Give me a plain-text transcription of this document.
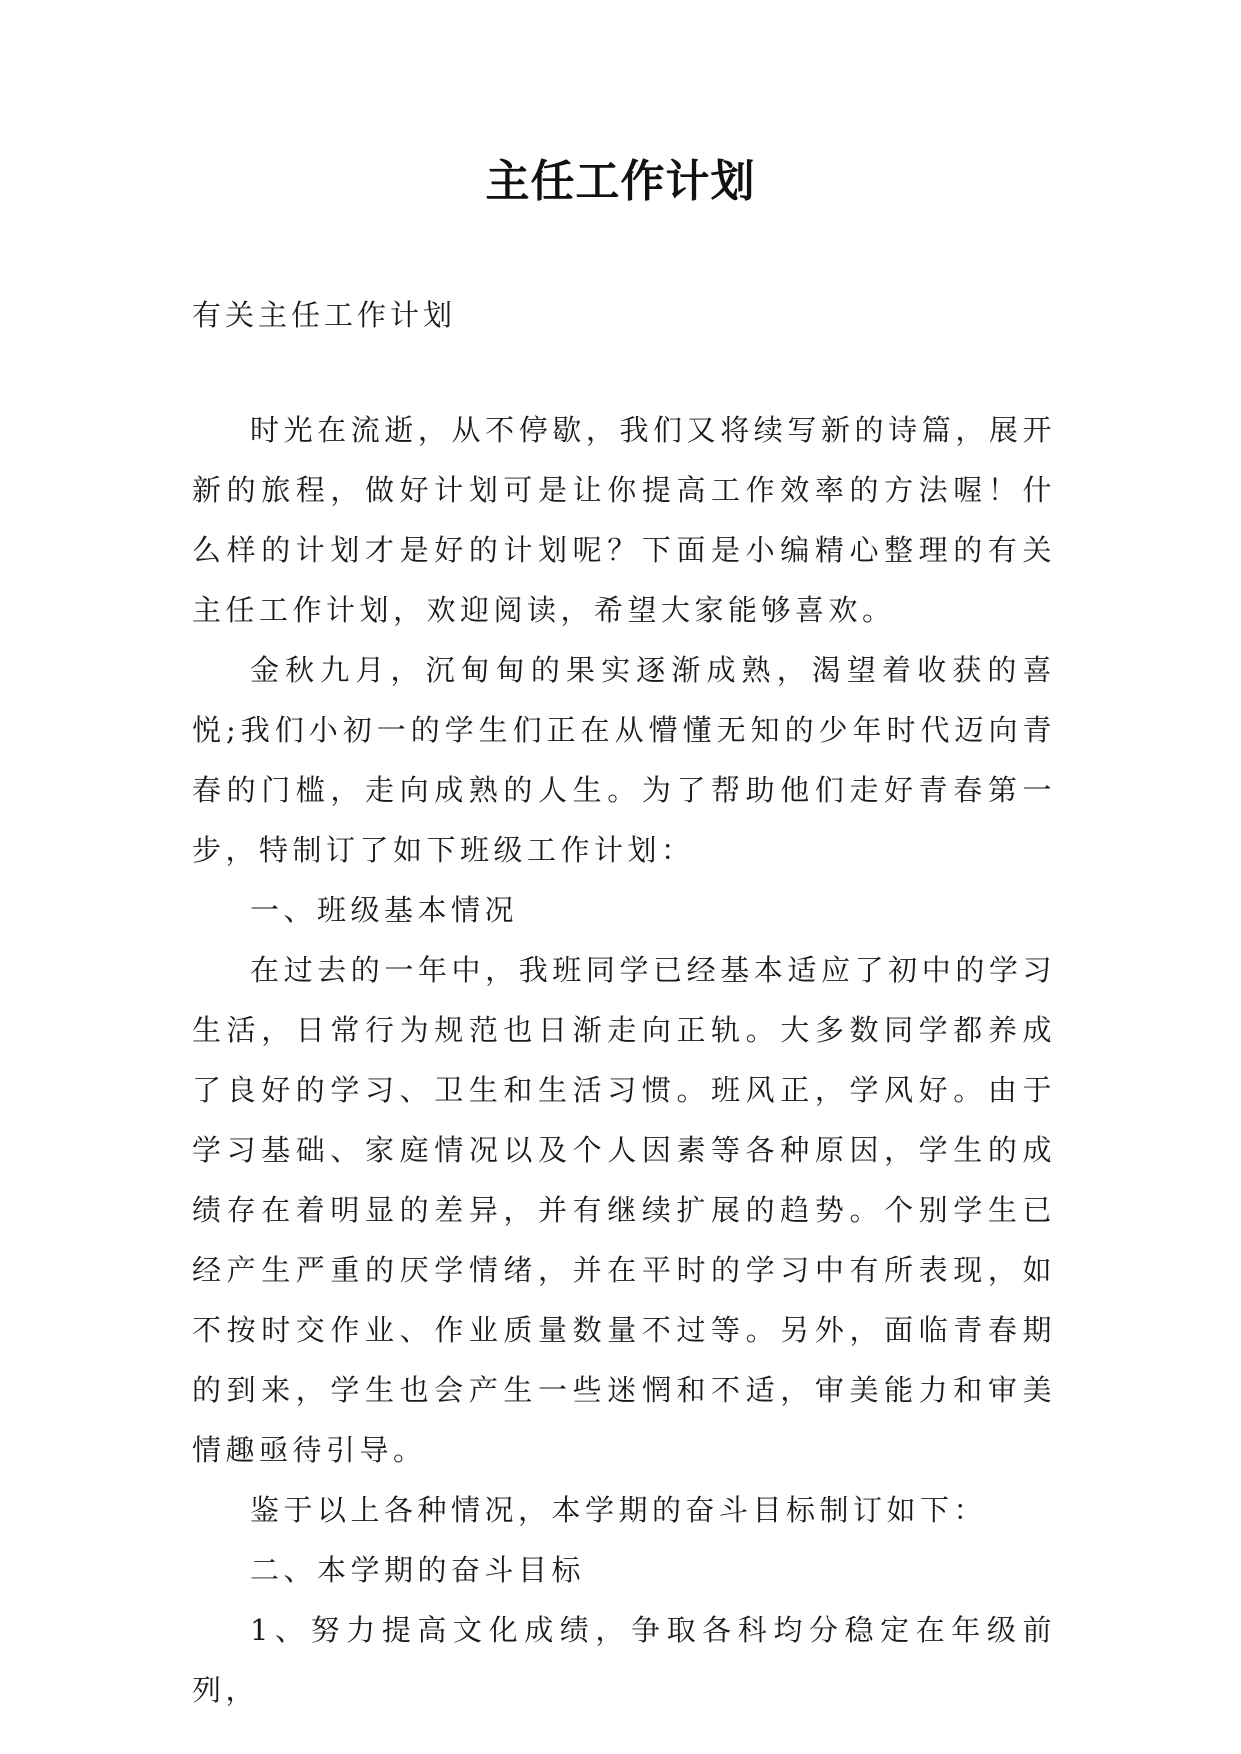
主任工作计划

有关主任工作计划

时光在流逝，从不停歇，我们又将续写新的诗篇，展开新的旅程，做好计划可是让你提高工作效率的方法喔！什么样的计划才是好的计划呢？下面是小编精心整理的有关主任工作计划，欢迎阅读，希望大家能够喜欢。

金秋九月，沉甸甸的果实逐渐成熟，渴望着收获的喜悦;我们小初一的学生们正在从懵懂无知的少年时代迈向青春的门槛，走向成熟的人生。为了帮助他们走好青春第一步，特制订了如下班级工作计划：

一、班级基本情况

在过去的一年中，我班同学已经基本适应了初中的学习生活，日常行为规范也日渐走向正轨。大多数同学都养成了良好的学习、卫生和生活习惯。班风正，学风好。由于学习基础、家庭情况以及个人因素等各种原因，学生的成绩存在着明显的差异，并有继续扩展的趋势。个别学生已经产生严重的厌学情绪，并在平时的学习中有所表现，如不按时交作业、作业质量数量不过等。另外，面临青春期的到来，学生也会产生一些迷惘和不适，审美能力和审美情趣亟待引导。

鉴于以上各种情况，本学期的奋斗目标制订如下：

二、本学期的奋斗目标

1、努力提高文化成绩，争取各科均分稳定在年级前列，
